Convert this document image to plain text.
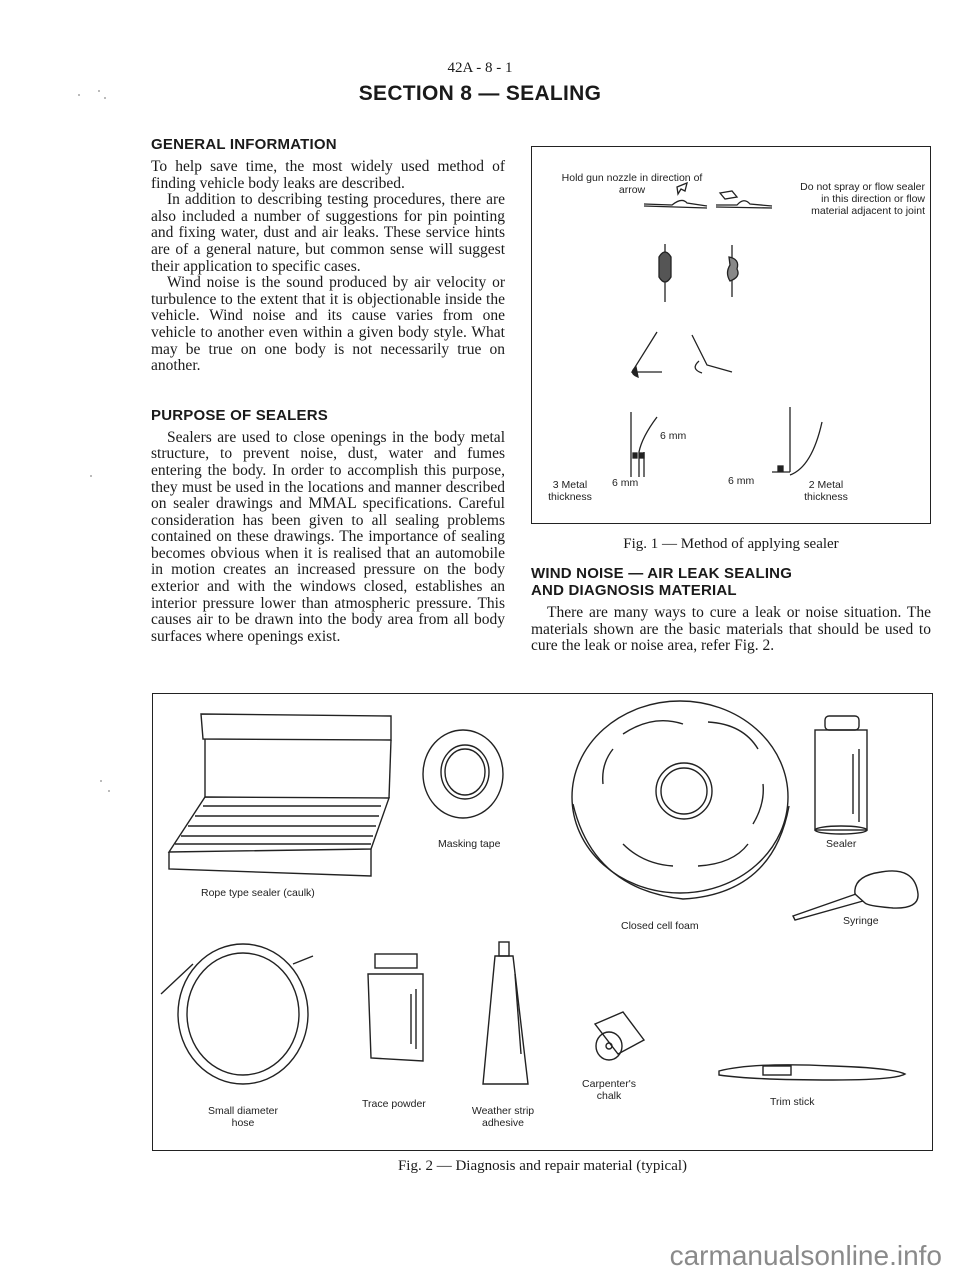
42A - 8 - 1
SECTION 8 — SEALING
GENERAL INFORMATION

To help save time, the most widely used method of finding vehicle body leaks are described.

In addition to describing testing procedures, there are also included a number of suggestions for pin pointing and fixing water, dust and air leaks. These service hints are of a general nature, but common sense will suggest their application to specific cases.

Wind noise is the sound produced by air velocity or turbulence to the extent that it is objectionable inside the vehicle. Wind noise and its cause varies from one vehicle to another even within a given body style. What may be true on one body is not necessarily true on another.

PURPOSE OF SEALERS

Sealers are used to close openings in the body metal structure, to prevent noise, dust, water and fumes entering the body. In order to accomplish this purpose, they must be used in the locations and manner described on sealer drawings and MMAL specifications. Careful consideration has been given to all sealing problems contained on these drawings. The importance of sealing becomes obvious when it is realised that an automobile in motion creates an increased pressure on the body exterior and with the windows closed, establishes an interior pressure lower than atmospheric pressure. This causes air to be drawn into the body area from all body surfaces where openings exist.

Hold gun nozzle in direction of arrow	Do not spray or flow sealer in this direction or flow material adjacent to joint
6 mm
6 mm
3 Metal thickness
6 mm	2 Metal thickness
Fig. 1 — Method of applying sealer
WIND NOISE — AIR LEAK SEALING
AND DIAGNOSIS MATERIAL

There are many ways to cure a leak or noise situation. The materials shown are the basic materials that should be used to cure the leak or noise area, refer Fig. 2.

Rope type sealer (caulk)
Masking tape
Closed cell foam
Sealer
Syringe
Small diameter
hose
Trace powder
Weather strip
adhesive
Carpenter's
chalk	Trim stick
Fig. 2 — Diagnosis and repair material (typical)
carmanualsonline.info
